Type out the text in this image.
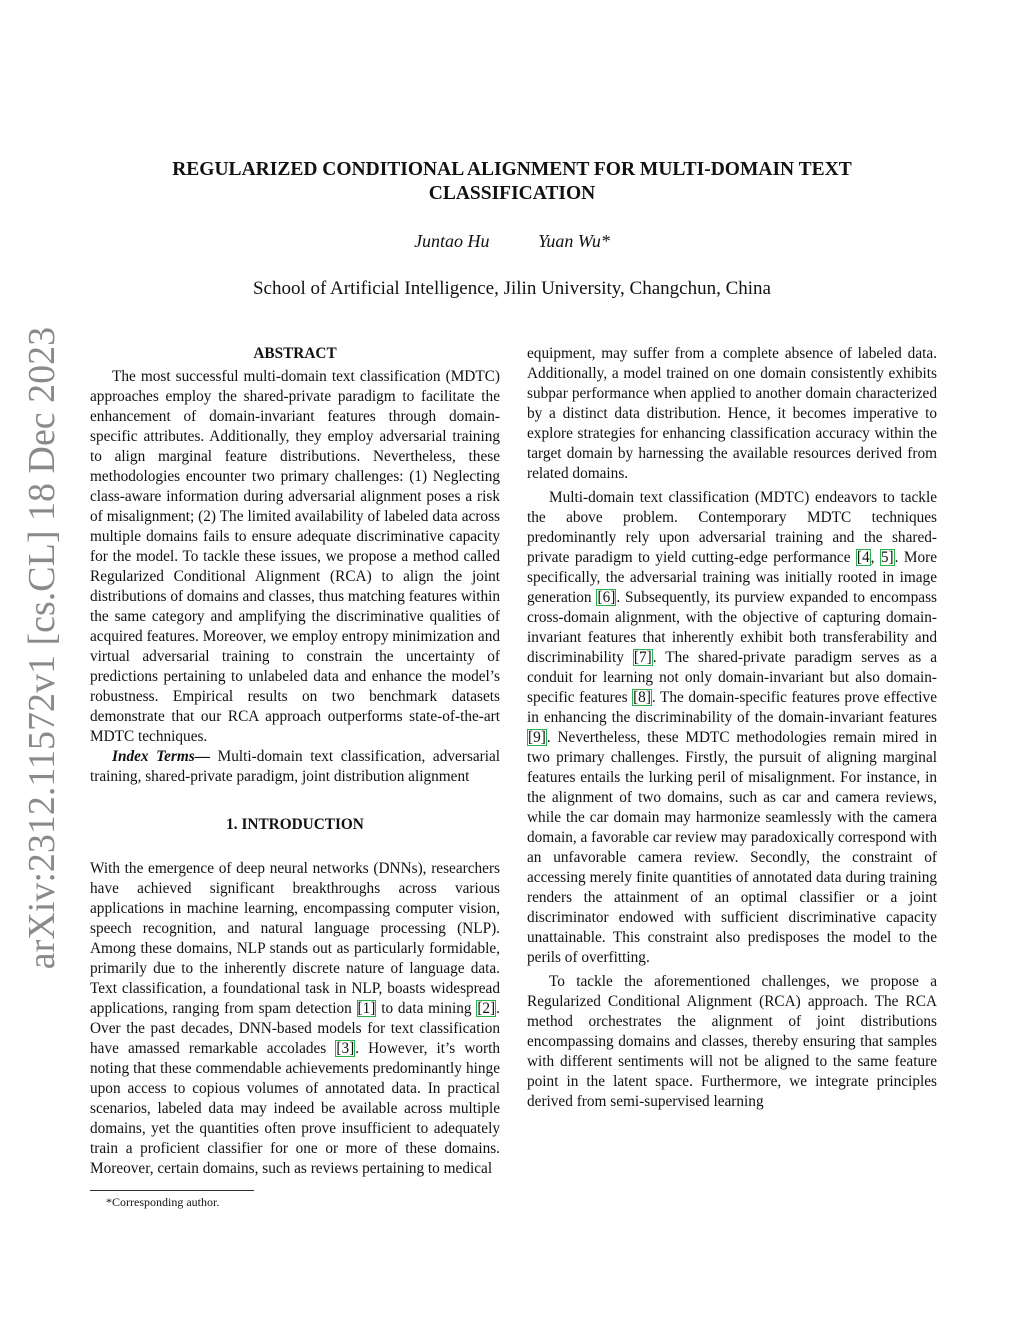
REGULARIZED CONDITIONAL ALIGNMENT FOR MULTI-DOMAIN TEXT CLASSIFICATION
Juntao Hu	Yuan Wu*
School of Artificial Intelligence, Jilin University, Changchun, China
arXiv:2312.11572v1 [cs.CL] 18 Dec 2023	ABSTRACT

The most successful multi-domain text classification (MDTC) approaches employ the shared-private paradigm to facilitate the enhancement of domain-invariant features through domain-specific attributes. Additionally, they employ adversarial training to align marginal feature distributions. Nevertheless, these methodologies encounter two primary challenges: (1) Neglecting class-aware information during adversarial alignment poses a risk of misalignment; (2) The limited availability of labeled data across multiple domains fails to ensure adequate discriminative capacity for the model. To tackle these issues, we propose a method called Regularized Conditional Alignment (RCA) to align the joint distributions of domains and classes, thus matching features within the same category and amplifying the discriminative qualities of acquired features. Moreover, we employ entropy minimization and virtual adversarial training to constrain the uncertainty of predictions pertaining to unlabeled data and enhance the model’s robustness. Empirical results on two benchmark datasets demonstrate that our RCA approach outperforms state-of-the-art MDTC techniques.

Index Terms— Multi-domain text classification, adversarial training, shared-private paradigm, joint distribution alignment

1. INTRODUCTION

With the emergence of deep neural networks (DNNs), researchers have achieved significant breakthroughs across various applications in machine learning, encompassing computer vision, speech recognition, and natural language processing (NLP). Among these domains, NLP stands out as particularly formidable, primarily due to the inherently discrete nature of language data. Text classification, a foundational task in NLP, boasts widespread applications, ranging from spam detection [1] to data mining [2]. Over the past decades, DNN-based models for text classification have amassed remarkable accolades [3]. However, it’s worth noting that these commendable achievements predominantly hinge upon access to copious volumes of annotated data. In practical scenarios, labeled data may indeed be available across multiple domains, yet the quantities often prove insufficient to adequately train a proficient classifier for one or more of these domains. Moreover, certain domains, such as reviews pertaining to medical

equipment, may suffer from a complete absence of labeled data. Additionally, a model trained on one domain consistently exhibits subpar performance when applied to another domain characterized by a distinct data distribution. Hence, it becomes imperative to explore strategies for enhancing classification accuracy within the target domain by harnessing the available resources derived from related domains.

Multi-domain text classification (MDTC) endeavors to tackle the above problem. Contemporary MDTC techniques predominantly rely upon adversarial training and the shared-private paradigm to yield cutting-edge performance [4, 5]. More specifically, the adversarial training was initially rooted in image generation [6]. Subsequently, its purview expanded to encompass cross-domain alignment, with the objective of capturing domain-invariant features that inherently exhibit both transferability and discriminability [7]. The shared-private paradigm serves as a conduit for learning not only domain-invariant but also domain-specific features [8]. The domain-specific features prove effective in enhancing the discriminability of the domain-invariant features [9]. Nevertheless, these MDTC methodologies remain mired in two primary challenges. Firstly, the pursuit of aligning marginal features entails the lurking peril of misalignment. For instance, in the alignment of two domains, such as car and camera reviews, while the car domain may harmonize seamlessly with the camera domain, a favorable car review may paradoxically correspond with an unfavorable camera review. Secondly, the constraint of accessing merely finite quantities of annotated data during training renders the attainment of an optimal classifier or a joint discriminator endowed with sufficient discriminative capacity unattainable. This constraint also predisposes the model to the perils of overfitting.

To tackle the aforementioned challenges, we propose a Regularized Conditional Alignment (RCA) approach. The RCA method orchestrates the alignment of joint distributions encompassing domains and classes, thereby ensuring that samples with different sentiments will not be aligned to the same feature point in the latent space. Furthermore, we integrate principles derived from semi-supervised learning

*Corresponding author.
